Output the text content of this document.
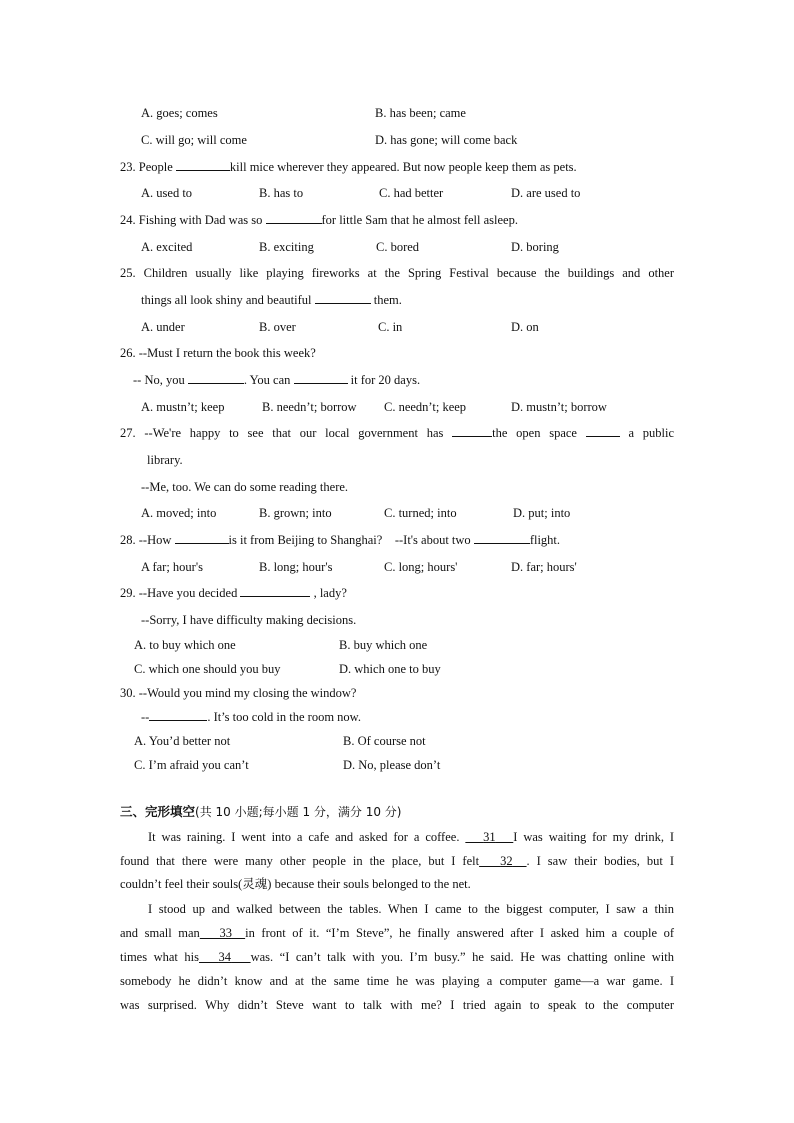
A. goes; comes	B. has been; came
C. will go; will come	D. has gone; will come back
23. People	kill mice wherever they appeared. But now people keep them as pets.
A. used to	B. has to	C. had better	D. are used to
24. Fishing with Dad was so	for little Sam that he almost fell asleep.
A. excited	B. exciting	C. bored	D. boring
25. Children usually like playing fireworks at the Spring Festival because the buildings and other
things all look shiny and beautiful	them.
A. under	B. over	C. in	D. on
26. --Must I return the book this week?
-- No, you	. You can	it for 20 days.
A. mustn’t; keep	B. needn’t; borrow C. needn’t; keep	D. mustn’t; borrow
27. --We're happy to see that our local government has	the open space	a public
library.
--Me, too. We can do some reading there.
A. moved; into	B. grown; into	C. turned; into	D. put; into
28. --How	is it from Beijing to Shanghai? --It's about two	flight.
A far; hour's	B. long; hour's	C. long; hours'	D. far; hours'
29. --Have you decided	, lady?
--Sorry, I have difficulty making decisions.
A. to buy which one	B. buy which one
C. which one should you buy	D. which one to buy
30. --Would you mind my closing the window?
--	. It’s too cold in the room now.
A. You’d better not	B. Of course not
C. I’m afraid you can’t	D. No, please don’t
三、完形填空(共 10 小题;每小题 1 分，满分 10 分)
It was raining. I went into a cafe and asked for a coffee. 31 I was waiting for my drink, I
found that there were many other people in the place, but I felt 32 . I saw their bodies, but I
couldn’t feel their souls(灵魂) because their souls belonged to the net.
I stood up and walked between the tables. When I came to the biggest computer, I saw a thin
and small man 33 in front of it. “I’m Steve”, he finally answered after I asked him a couple of
times what his 34 was. “I can’t talk with you. I’m busy.” he said. He was chatting online with
somebody he didn’t know and at the same time he was playing a computer game—a war game. I
was surprised. Why didn’t Steve want to talk with me? I tried again to speak to the computer
